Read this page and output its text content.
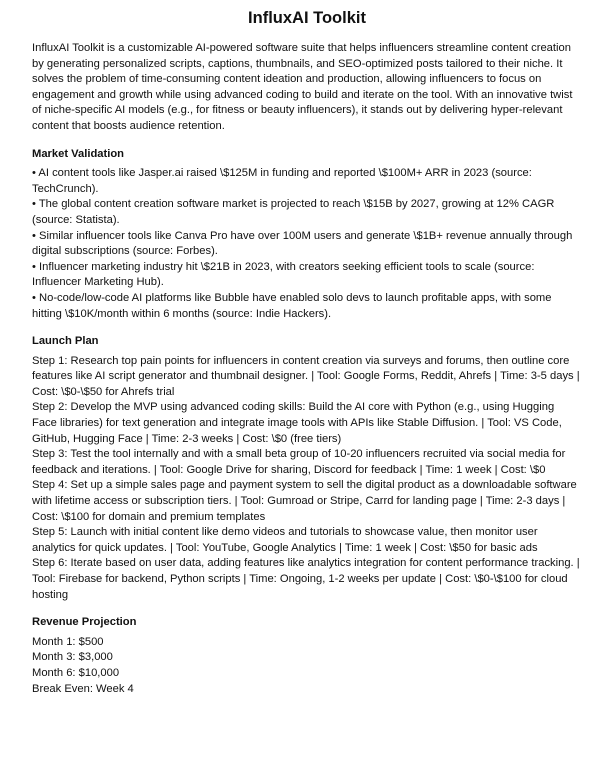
InfluxAI Toolkit

InfluxAI Toolkit is a customizable AI-powered software suite that helps influencers streamline content creation by generating personalized scripts, captions, thumbnails, and SEO-optimized posts tailored to their niche. It solves the problem of time-consuming content ideation and production, allowing influencers to focus on engagement and growth while using advanced coding to build and iterate on the tool. With an innovative twist of niche-specific AI models (e.g., for fitness or beauty influencers), it stands out by delivering hyper-relevant content that boosts audience retention.

Market Validation

• AI content tools like Jasper.ai raised \$125M in funding and reported \$100M+ ARR in 2023 (source: TechCrunch).

• The global content creation software market is projected to reach \$15B by 2027, growing at 12% CAGR (source: Statista).

• Similar influencer tools like Canva Pro have over 100M users and generate \$1B+ revenue annually through digital subscriptions (source: Forbes).

• Influencer marketing industry hit \$21B in 2023, with creators seeking efficient tools to scale (source: Influencer Marketing Hub).

• No-code/low-code AI platforms like Bubble have enabled solo devs to launch profitable apps, with some hitting \$10K/month within 6 months (source: Indie Hackers).

Launch Plan

Step 1: Research top pain points for influencers in content creation via surveys and forums, then outline core features like AI script generator and thumbnail designer. | Tool: Google Forms, Reddit, Ahrefs | Time: 3-5 days | Cost: \$0-\$50 for Ahrefs trial

Step 2: Develop the MVP using advanced coding skills: Build the AI core with Python (e.g., using Hugging Face libraries) for text generation and integrate image tools with APIs like Stable Diffusion. | Tool: VS Code, GitHub, Hugging Face | Time: 2-3 weeks | Cost: \$0 (free tiers)

Step 3: Test the tool internally and with a small beta group of 10-20 influencers recruited via social media for feedback and iterations. | Tool: Google Drive for sharing, Discord for feedback | Time: 1 week | Cost: \$0

Step 4: Set up a simple sales page and payment system to sell the digital product as a downloadable software with lifetime access or subscription tiers. | Tool: Gumroad or Stripe, Carrd for landing page | Time: 2-3 days | Cost: \$100 for domain and premium templates

Step 5: Launch with initial content like demo videos and tutorials to showcase value, then monitor user analytics for quick updates. | Tool: YouTube, Google Analytics | Time: 1 week | Cost: \$50 for basic ads

Step 6: Iterate based on user data, adding features like analytics integration for content performance tracking. | Tool: Firebase for backend, Python scripts | Time: Ongoing, 1-2 weeks per update | Cost: \$0-\$100 for cloud hosting

Revenue Projection

Month 1: $500

Month 3: $3,000

Month 6: $10,000

Break Even: Week 4
